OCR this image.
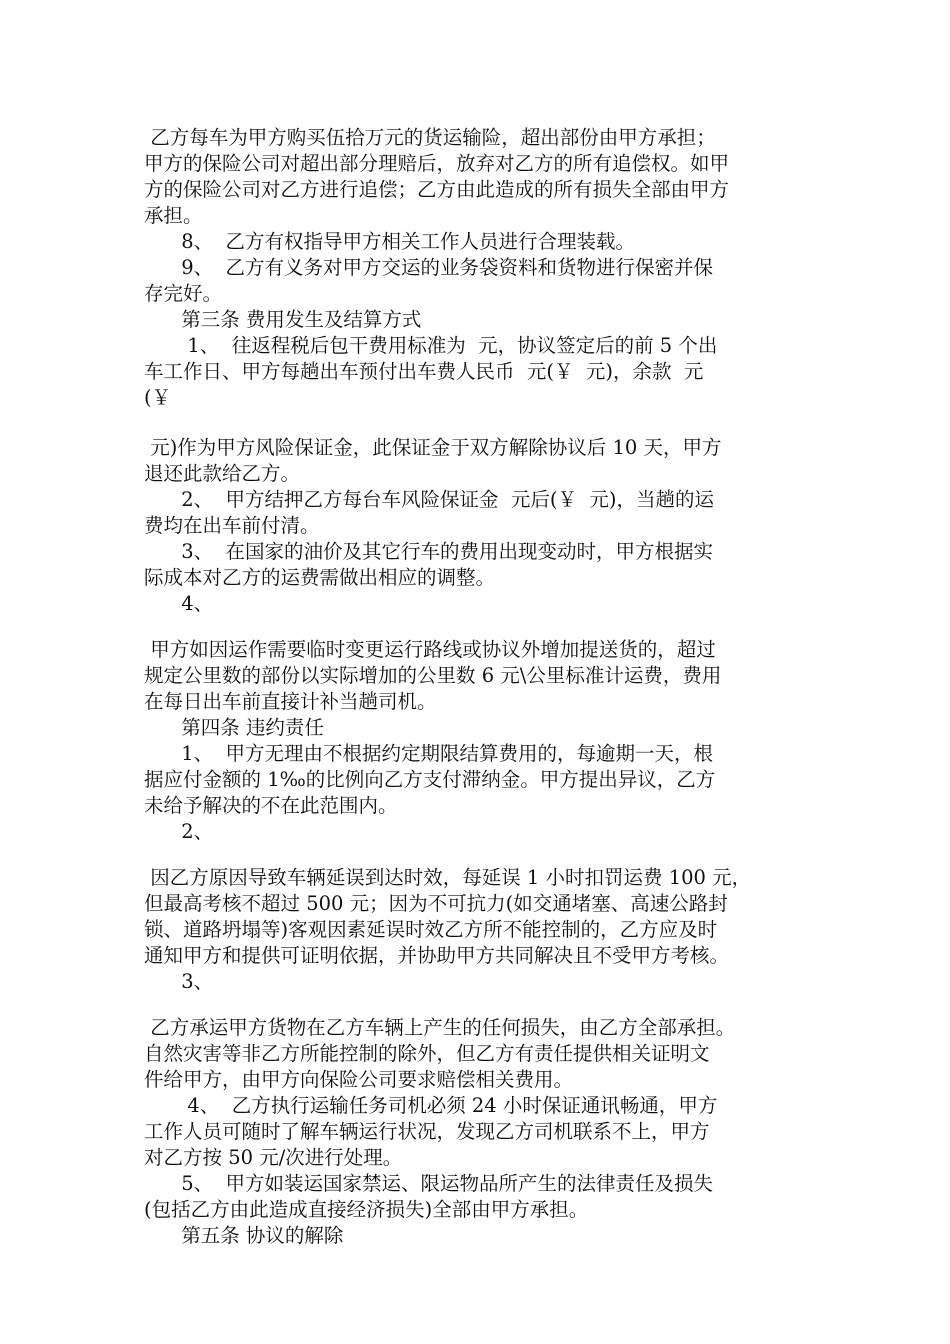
乙方每车为甲方购买伍拾万元的货运输险，超出部份由甲方承担；

甲方的保险公司对超出部分理赔后，放弃对乙方的所有追偿权。如甲

方的保险公司对乙方进行追偿；乙方由此造成的所有损失全部由甲方

承担。

8、  乙方有权指导甲方相关工作人员进行合理装载。

9、  乙方有义务对甲方交运的业务袋资料和货物进行保密并保

存完好。

第三条 费用发生及结算方式

1、  往返程税后包干费用标准为  元，协议签定后的前 5 个出

车工作日、甲方每趟出车预付出车费人民币  元(￥  元)，余款  元

(￥

元)作为甲方风险保证金，此保证金于双方解除协议后 10 天，甲方

退还此款给乙方。

2、  甲方结押乙方每台车风险保证金  元后(￥  元)，当趟的运

费均在出车前付清。

3、  在国家的油价及其它行车的费用出现变动时，甲方根据实

际成本对乙方的运费需做出相应的调整。

4、

甲方如因运作需要临时变更运行路线或协议外增加提送货的，超过

规定公里数的部份以实际增加的公里数 6 元\公里标准计运费，费用

在每日出车前直接计补当趟司机。

第四条 违约责任

1、  甲方无理由不根据约定期限结算费用的，每逾期一天，根

据应付金额的 1‰的比例向乙方支付滞纳金。甲方提出异议，乙方

未给予解决的不在此范围内。

2、

因乙方原因导致车辆延误到达时效，每延误 1 小时扣罚运费 100 元，

但最高考核不超过 500 元；因为不可抗力(如交通堵塞、高速公路封

锁、道路坍塌等)客观因素延误时效乙方所不能控制的，乙方应及时

通知甲方和提供可证明依据，并协助甲方共同解决且不受甲方考核。

3、

乙方承运甲方货物在乙方车辆上产生的任何损失，由乙方全部承担。

自然灾害等非乙方所能控制的除外，但乙方有责任提供相关证明文

件给甲方，由甲方向保险公司要求赔偿相关费用。

4、  乙方执行运输任务司机必须 24 小时保证通讯畅通，甲方

工作人员可随时了解车辆运行状况，发现乙方司机联系不上，甲方

对乙方按 50 元/次进行处理。

5、  甲方如装运国家禁运、限运物品所产生的法律责任及损失

(包括乙方由此造成直接经济损失)全部由甲方承担。

第五条 协议的解除
